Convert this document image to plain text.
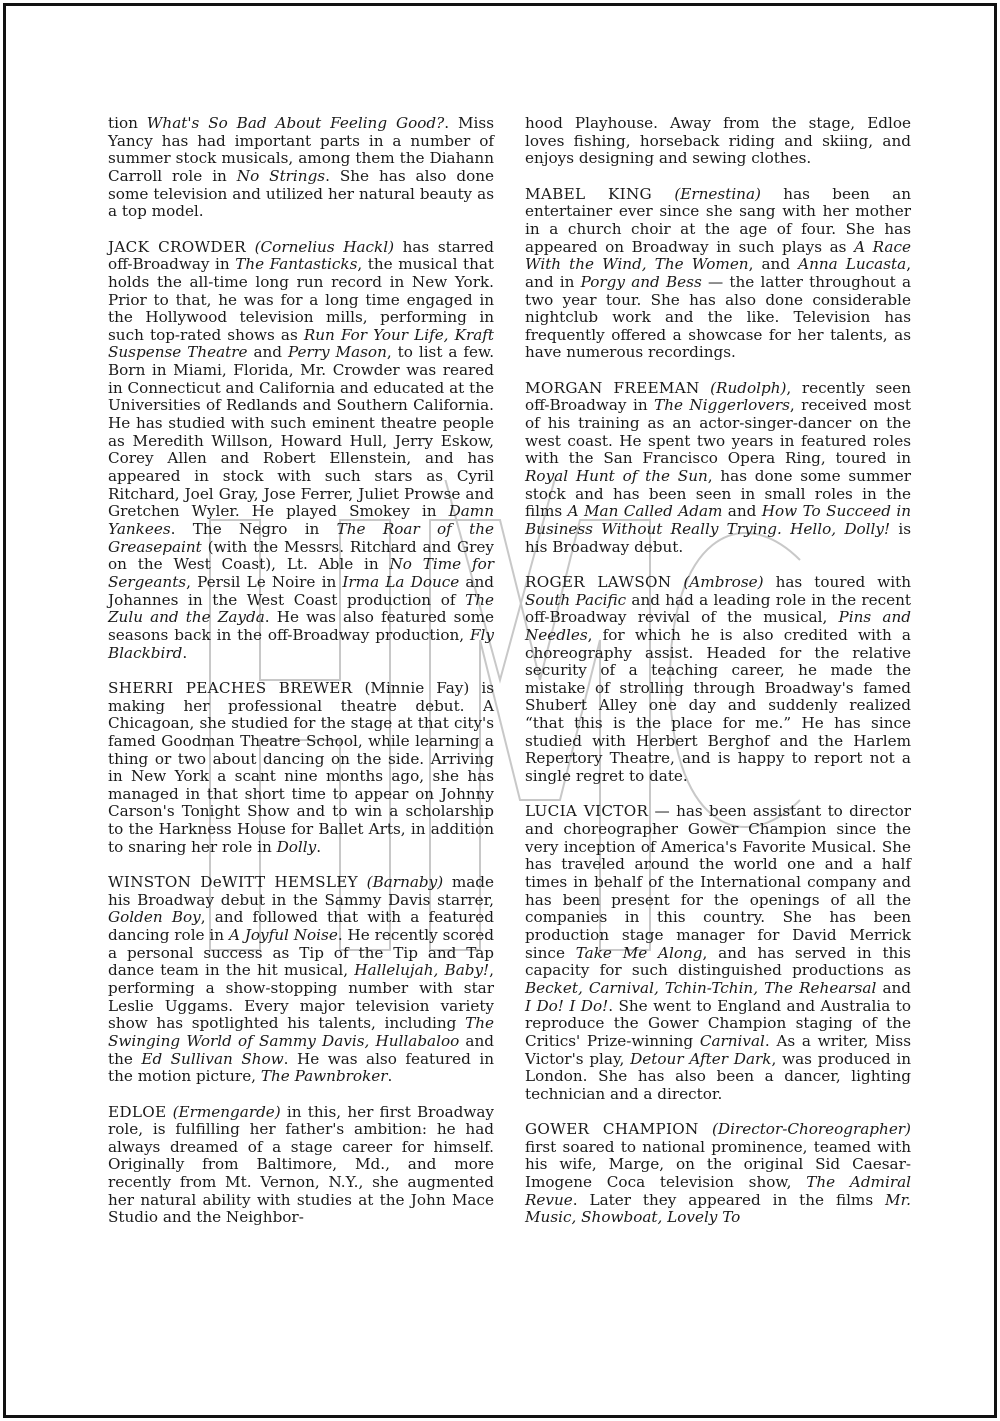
tion What's So Bad About Feeling Good?. Miss Yancy has had important parts in a number of summer stock musicals, among them the Diahann Carroll role in No Strings. She has also done some television and utilized her natural beauty as a top model.

JACK CROWDER (Cornelius Hackl) has starred off-Broadway in The Fantasticks, the musical that holds the all-time long run record in New York. Prior to that, he was for a long time engaged in the Hollywood television mills, performing in such top-rated shows as Run For Your Life, Kraft Suspense Theatre and Perry Mason, to list a few. Born in Miami, Florida, Mr. Crowder was reared in Connecticut and California and educated at the Universities of Redlands and Southern California. He has studied with such eminent theatre people as Meredith Willson, Howard Hull, Jerry Eskow, Corey Allen and Robert Ellenstein, and has appeared in stock with such stars as Cyril Ritchard, Joel Gray, Jose Ferrer, Juliet Prowse and Gretchen Wyler. He played Smokey in Damn Yankees. The Negro in The Roar of the Greasepaint (with the Messrs. Ritchard and Grey on the West Coast), Lt. Able in No Time for Sergeants, Persil Le Noire in Irma La Douce and Johannes in the West Coast production of The Zulu and the Zayda. He was also featured some seasons back in the off-Broadway production, Fly Blackbird.

SHERRI PEACHES BREWER (Minnie Fay) is making her professional theatre debut. A Chicagoan, she studied for the stage at that city's famed Goodman Theatre School, while learning a thing or two about dancing on the side. Arriving in New York a scant nine months ago, she has managed in that short time to appear on Johnny Carson's Tonight Show and to win a scholarship to the Harkness House for Ballet Arts, in addition to snaring her role in Dolly.

WINSTON DeWITT HEMSLEY (Barnaby) made his Broadway debut in the Sammy Davis starrer, Golden Boy, and followed that with a featured dancing role in A Joyful Noise. He recently scored a personal success as Tip of the Tip and Tap dance team in the hit musical, Hallelujah, Baby!, performing a show-stopping number with star Leslie Uggams. Every major television variety show has spotlighted his talents, including The Swinging World of Sammy Davis, Hullabaloo and the Ed Sullivan Show. He was also featured in the motion picture, The Pawnbroker.

EDLOE (Ermengarde) in this, her first Broadway role, is fulfilling her father's ambition: he had always dreamed of a stage career for himself. Originally from Baltimore, Md., and more recently from Mt. Vernon, N.Y., she augmented her natural ability with studies at the John Mace Studio and the Neighbor-

hood Playhouse. Away from the stage, Edloe loves fishing, horseback riding and skiing, and enjoys designing and sewing clothes.

MABEL KING (Ernestina) has been an entertainer ever since she sang with her mother in a church choir at the age of four. She has appeared on Broadway in such plays as A Race With the Wind, The Women, and Anna Lucasta, and in Porgy and Bess — the latter throughout a two year tour. She has also done considerable nightclub work and the like. Television has frequently offered a showcase for her talents, as have numerous recordings.

MORGAN FREEMAN (Rudolph), recently seen off-Broadway in The Niggerlovers, received most of his training as an actor-singer-dancer on the west coast. He spent two years in featured roles with the San Francisco Opera Ring, toured in Royal Hunt of the Sun, has done some summer stock and has been seen in small roles in the films A Man Called Adam and How To Succeed in Business Without Really Trying. Hello, Dolly! is his Broadway debut.

ROGER LAWSON (Ambrose) has toured with South Pacific and had a leading role in the recent off-Broadway revival of the musical, Pins and Needles, for which he is also credited with a choreography assist. Headed for the relative security of a teaching career, he made the mistake of strolling through Broadway's famed Shubert Alley one day and suddenly realized “that this is the place for me.” He has since studied with Herbert Berghof and the Harlem Repertory Theatre, and is happy to report not a single regret to date.

LUCIA VICTOR — has been assistant to director and choreographer Gower Champion since the very inception of America's Favorite Musical. She has traveled around the world one and a half times in behalf of the International company and has been present for the openings of all the companies in this country. She has been production stage manager for David Merrick since Take Me Along, and has served in this capacity for such distinguished productions as Becket, Carnival, Tchin-Tchin, The Rehearsal and I Do! I Do!. She went to England and Australia to reproduce the Gower Champion staging of the Critics' Prize-winning Carnival. As a writer, Miss Victor's play, Detour After Dark, was produced in London. She has also been a dancer, lighting technician and a director.

GOWER CHAMPION (Director-Choreographer) first soared to national prominence, teamed with his wife, Marge, on the original Sid Caesar-Imogene Coca television show, The Admiral Revue. Later they appeared in the films Mr. Music, Showboat, Lovely To
